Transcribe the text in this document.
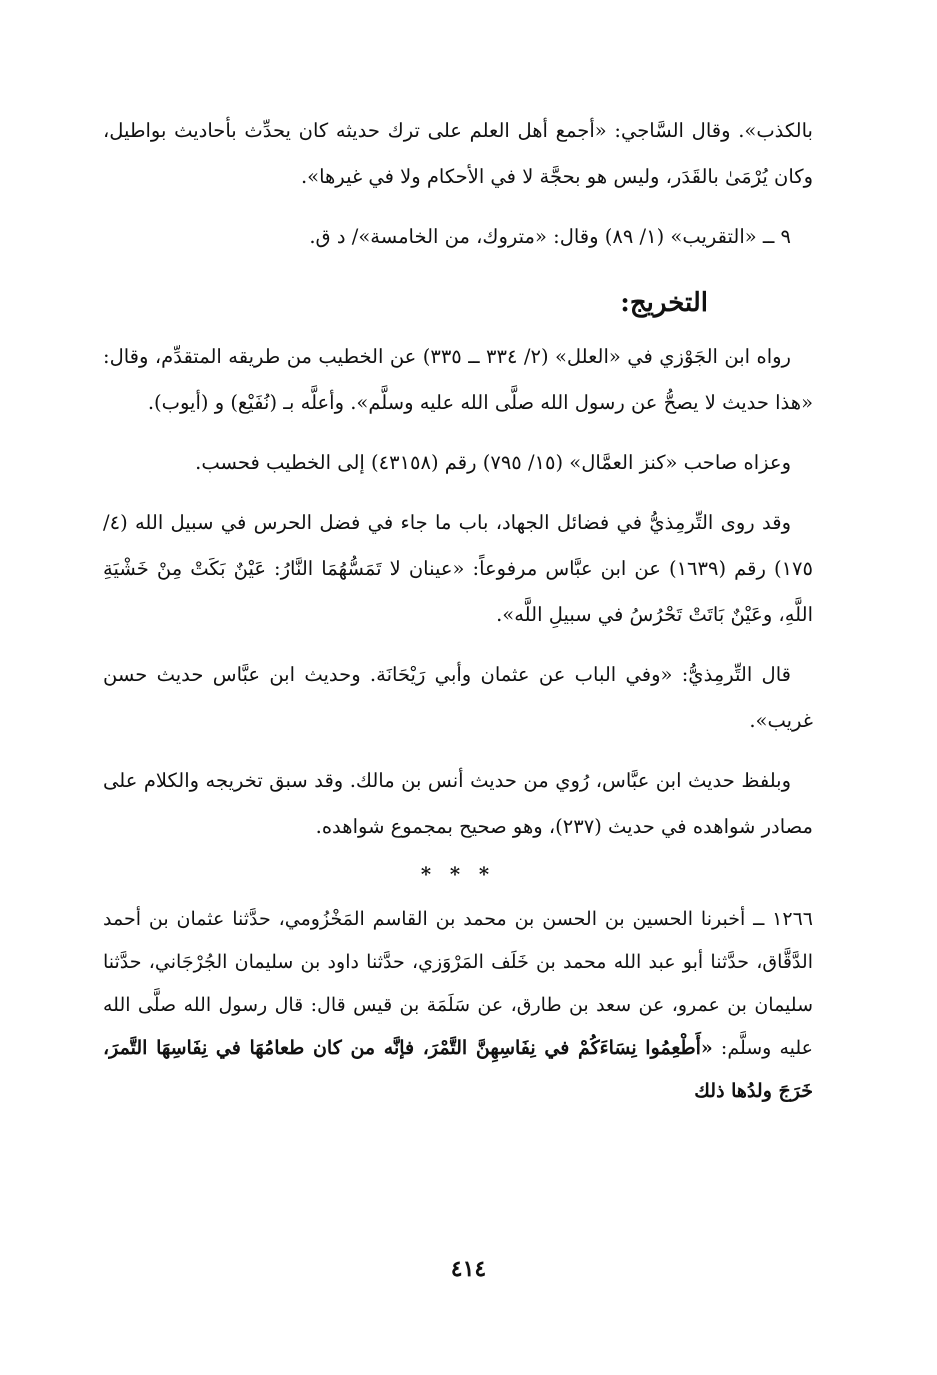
بالكذب». وقال السَّاجي: «أجمع أهل العلم على ترك حديثه كان يحدِّث بأحاديث بواطيل، وكان يُرْمَىٰ بالقَدَر، وليس هو بحجَّة لا في الأحكام ولا في غيرها».

٩ ــ «التقريب» (١/ ٨٩) وقال: «متروك، من الخامسة»/ د ق.

التخريج:

رواه ابن الجَوْزي في «العلل» (٢/ ٣٣٤ ــ ٣٣٥) عن الخطيب من طريقه المتقدِّم، وقال: «هذا حديث لا يصحُّ عن رسول الله صلَّى الله عليه وسلَّم». وأعلَّه بـ (نُفَيْع) و (أيوب).

وعزاه صاحب «كنز العمَّال» (١٥/ ٧٩٥) رقم (٤٣١٥٨) إلى الخطيب فحسب.

وقد روى التِّرمِذيُّ في فضائل الجهاد، باب ما جاء في فضل الحرس في سبيل الله (٤/ ١٧٥) رقم (١٦٣٩) عن ابن عبَّاس مرفوعاً: «عينان لا تَمَسُّهُمَا النَّارُ: عَيْنٌ بَكَتْ مِنْ خَشْيَةِ اللَّهِ، وعَيْنٌ بَاتَتْ تَحْرُسُ في سبيلِ اللَّه».

قال التِّرمِذيُّ: «وفي الباب عن عثمان وأبي رَيْحَانَة. وحديث ابن عبَّاس حديث حسن غريب».

وبلفظ حديث ابن عبَّاس، رُوي من حديث أنس بن مالك. وقد سبق تخريجه والكلام على مصادر شواهده في حديث (٢٣٧)، وهو صحيح بمجموع شواهده.

* * *

١٢٦٦ ــ أخبرنا الحسين بن الحسن بن محمد بن القاسم المَخْزُومي، حدَّثنا عثمان بن أحمد الدَّقَّاق، حدَّثنا أبو عبد الله محمد بن خَلَف المَرْوَزي، حدَّثنا داود بن سليمان الجُرْجَاني، حدَّثنا سليمان بن عمرو، عن سعد بن طارق، عن سَلَمَة بن قيس قال: قال رسول الله صلَّى الله عليه وسلَّم: «أَطْعِمُوا نِسَاءَكُمْ في نِفَاسِهِنَّ التَّمْرَ، فإنَّه من كان طعامُهَا في نِفَاسِهَا التَّمرَ، خَرَجَ ولدُها ذلك

٤١٤
